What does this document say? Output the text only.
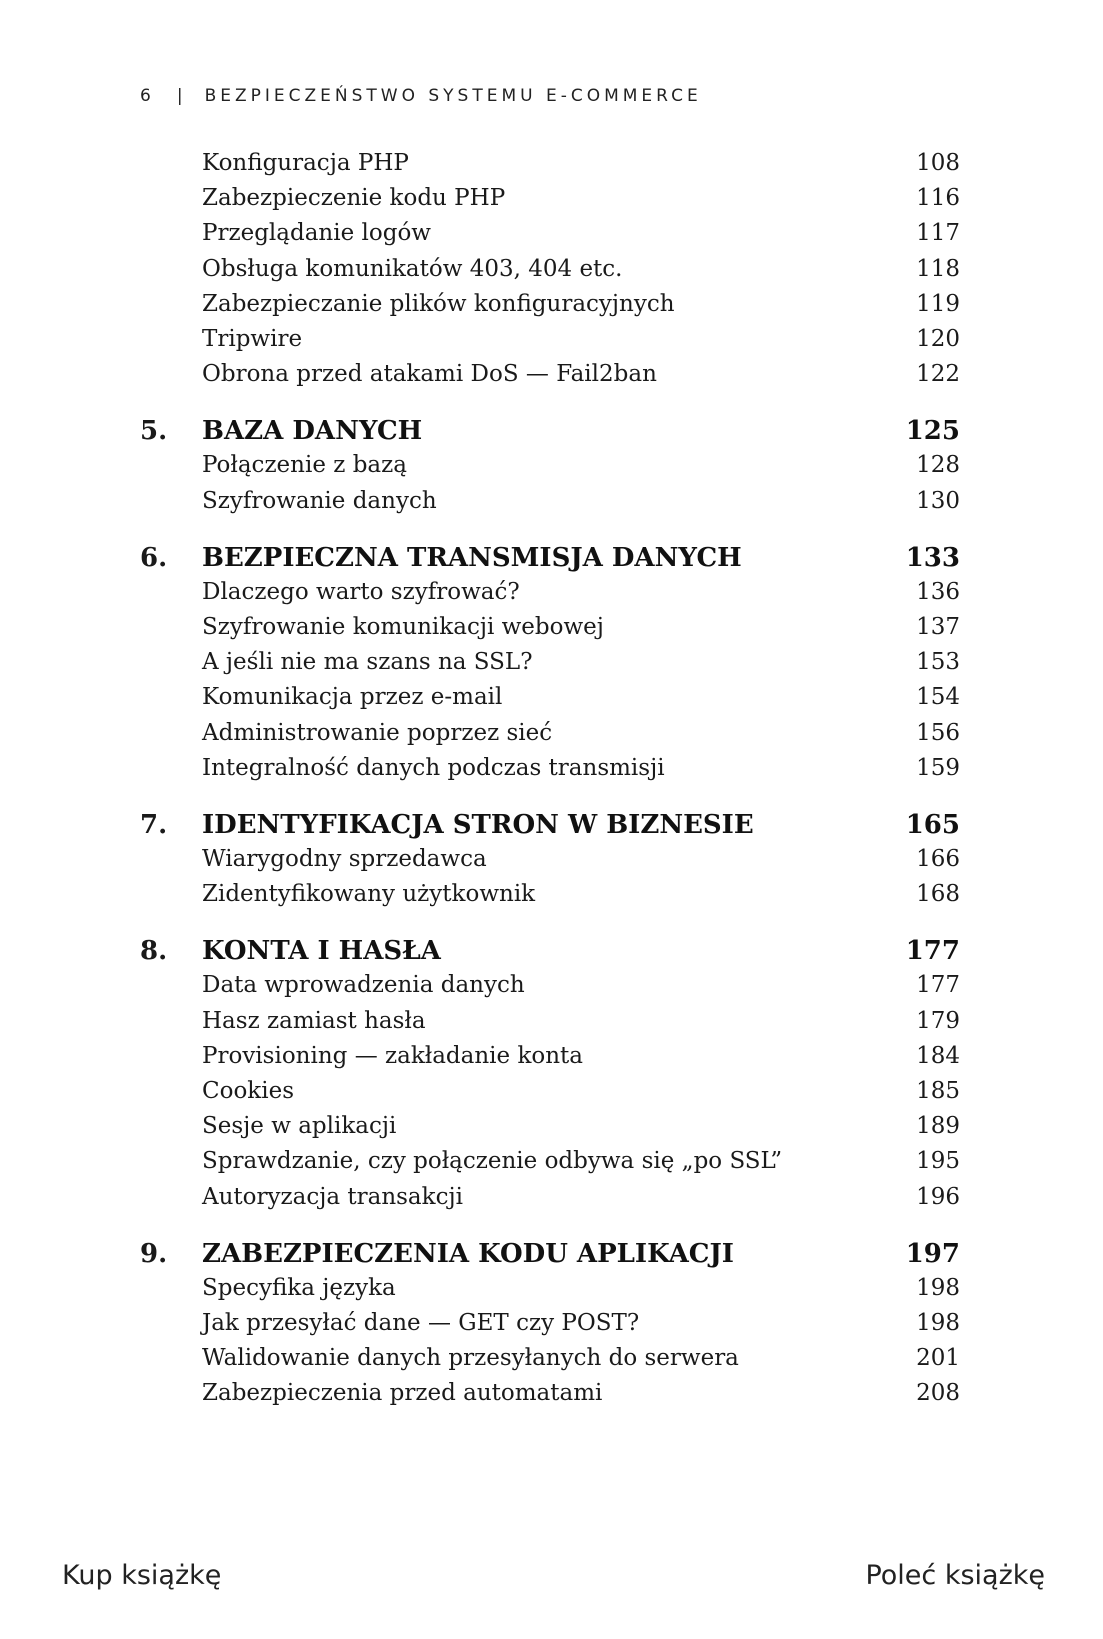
6 | BEZPIECZEŃSTWO SYSTEMU E-COMMERCE
Konfiguracja PHP	108
Zabezpieczenie kodu PHP	116
Przeglądanie logów	117
Obsługa komunikatów 403, 404 etc.	118
Zabezpieczanie plików konfiguracyjnych	119
Tripwire	120
Obrona przed atakami DoS — Fail2ban	122
5. BAZA DANYCH	125
Połączenie z bazą	128
Szyfrowanie danych	130
6. BEZPIECZNA TRANSMISJA DANYCH	133
Dlaczego warto szyfrować?	136
Szyfrowanie komunikacji webowej	137
A jeśli nie ma szans na SSL?	153
Komunikacja przez e-mail	154
Administrowanie poprzez sieć	156
Integralność danych podczas transmisji	159
7. IDENTYFIKACJA STRON W BIZNESIE	165
Wiarygodny sprzedawca	166
Zidentyfikowany użytkownik	168
8. KONTA I HASŁA	177
Data wprowadzenia danych	177
Hasz zamiast hasła	179
Provisioning — zakładanie konta	184
Cookies	185
Sesje w aplikacji	189
Sprawdzanie, czy połączenie odbywa się „po SSL”	195
Autoryzacja transakcji	196
9. ZABEZPIECZENIA KODU APLIKACJI	197
Specyfika języka	198
Jak przesyłać dane — GET czy POST?	198
Walidowanie danych przesyłanych do serwera	201
Zabezpieczenia przed automatami	208
Kup książkę	Poleć książkę
